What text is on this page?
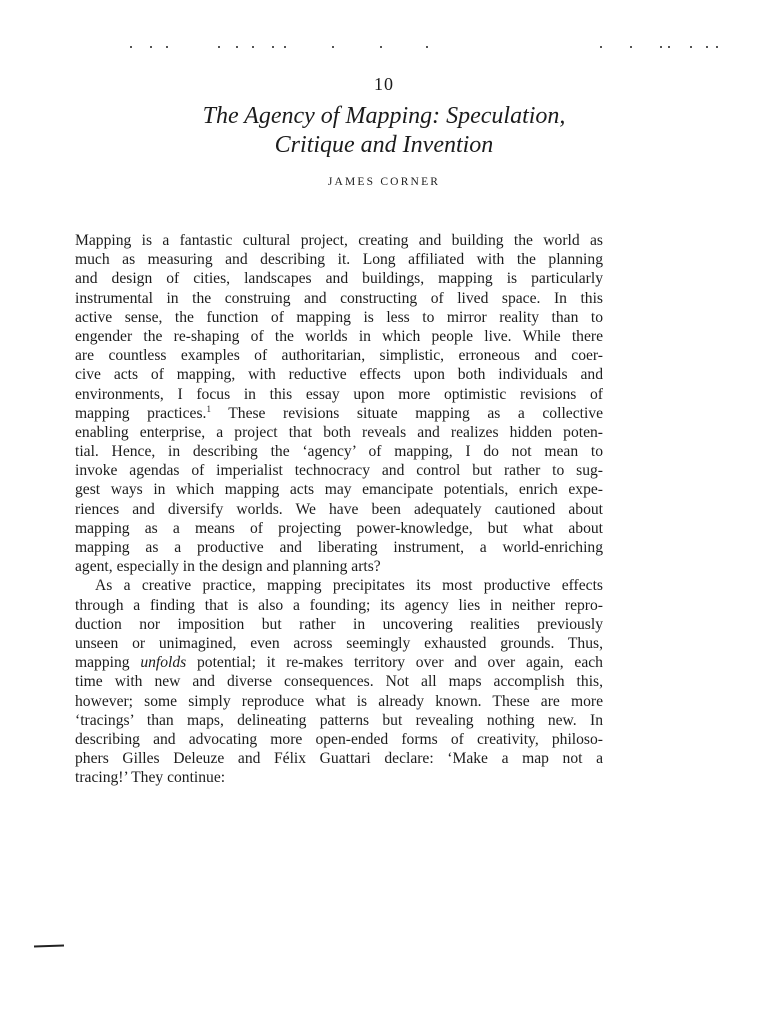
10
The Agency of Mapping: Speculation,
Critique and Invention
JAMES CORNER
Mapping is a fantastic cultural project, creating and building the world as
much as measuring and describing it. Long affiliated with the planning
and design of cities, landscapes and buildings, mapping is particularly
instrumental in the construing and constructing of lived space. In this
active sense, the function of mapping is less to mirror reality than to
engender the re-shaping of the worlds in which people live. While there
are countless examples of authoritarian, simplistic, erroneous and coer-
cive acts of mapping, with reductive effects upon both individuals and
environments, I focus in this essay upon more optimistic revisions of
mapping practices.$^1$ These revisions situate mapping as a collective
enabling enterprise, a project that both reveals and realizes hidden poten-
tial. Hence, in describing the ‘agency’ of mapping, I do not mean to
invoke agendas of imperialist technocracy and control but rather to sug-
gest ways in which mapping acts may emancipate potentials, enrich expe-
riences and diversify worlds. We have been adequately cautioned about
mapping as a means of projecting power-knowledge, but what about
mapping as a productive and liberating instrument, a world-enriching
agent, especially in the design and planning arts?
As a creative practice, mapping precipitates its most productive effects
through a finding that is also a founding; its agency lies in neither repro-
duction nor imposition but rather in uncovering realities previously
unseen or unimagined, even across seemingly exhausted grounds. Thus,
mapping unfolds potential; it re-makes territory over and over again, each
time with new and diverse consequences. Not all maps accomplish this,
however; some simply reproduce what is already known. These are more
‘tracings’ than maps, delineating patterns but revealing nothing new. In
describing and advocating more open-ended forms of creativity, philoso-
phers Gilles Deleuze and Félix Guattari declare: ‘Make a map not a
tracing!’ They continue:
